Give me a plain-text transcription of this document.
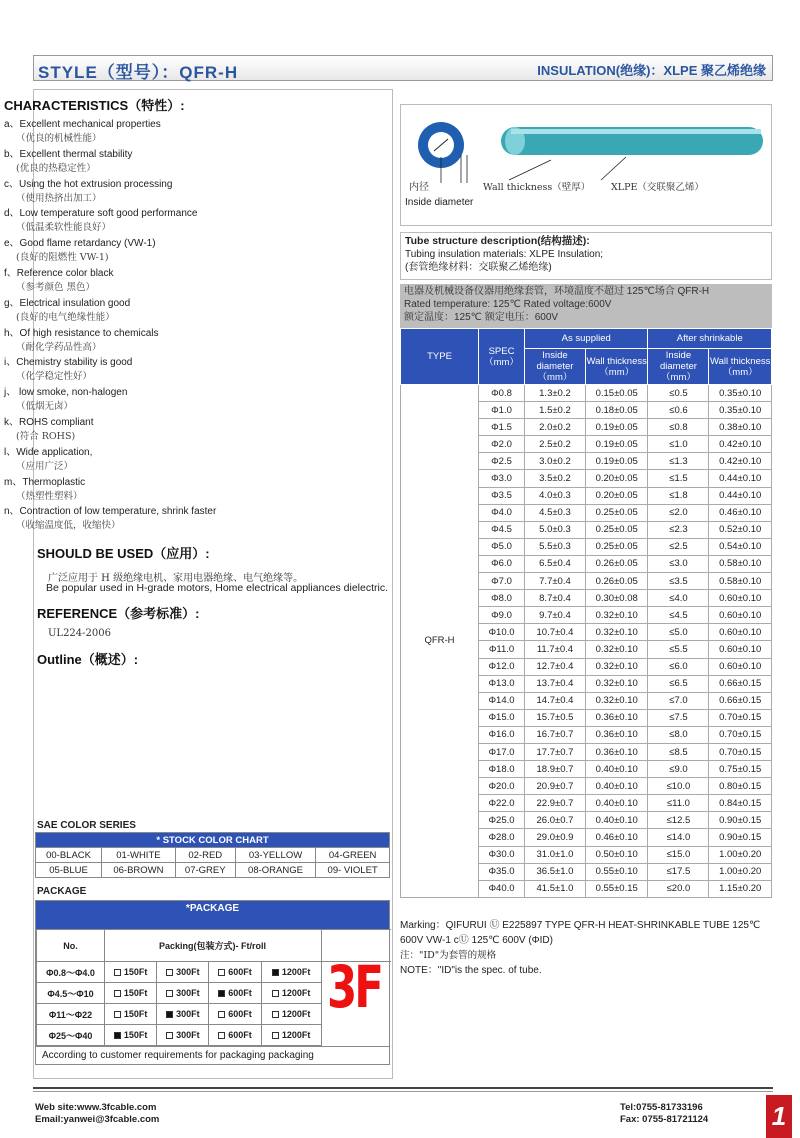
STYLE（型号）：QFR-H	INSULATION(绝缘)：XLPE 聚乙烯绝缘
CHARACTERISTICS（特性）:
a、Excellent mechanical properties
（优良的机械性能）
b、Excellent thermal stability
(优良的热稳定性）
c、Using the hot extrusion processing
（使用热挤出加工）
d、Low temperature soft good performance
（低温柔软性能良好）
e、Good flame retardancy (VW-1)
(良好的阻燃性 VW-1)
f、Reference color black
（参考颜色 黑色）
g、Electrical insulation good
(良好的电气绝缘性能）
h、Of high resistance to chemicals
（耐化学药品性高）
i、Chemistry stability is good
（化学稳定性好）
j、 low smoke, non-halogen
（低烟无卤）
k、ROHS compliant
(符合 ROHS)
l、Wide application,
（应用广泛）
m、Thermoplastic
（热塑性塑料）
n、Contraction of low temperature, shrink faster
（收缩温度低，收缩快）
SHOULD BE USED（应用）:
广泛应用于 H 级绝缘电机、家用电器绝缘、电气绝缘等。
Be popular used in H-grade motors, Home electrical appliances dielectric.
REFERENCE（参考标准）:
UL224-2006
Outline（概述）:
SAE COLOR SERIES
* STOCK COLOR CHART				
00-BLACK	01-WHITE	02-RED	03-YELLOW	04-GREEN
05-BLUE	06-BROWN	07-GREY	08-ORANGE	09- VIOLET
PACKAGE
*PACKAGE
No.	Packing(包装方式)- Ft/roll				
Φ0.8～Φ4.0	150Ft	300Ft	600Ft	1200Ft	
Φ4.5～Φ10	150Ft	300Ft	600Ft	1200Ft	
Φ11～Φ22	150Ft	300Ft	600Ft	1200Ft	
Φ25～Φ40	150Ft	300Ft	600Ft	1200Ft	
According to customer requirements for packaging packaging
3F
内径
Inside diameter
Wall thickness（壁厚） XLPE（交联聚乙烯）
Tube structure description(结构描述):
Tubing insulation materials: XLPE Insulation;
(套管绝缘材料：交联聚乙烯绝缘)
电器及机械设备仪器用绝缘套管，环境温度不超过 125℃场合 QFR-H
Rated temperature: 125℃ Rated voltage:600V
额定温度：125℃ 额定电压：600V
TYPE	SPEC（mm）	As supplied		After shrinkable	
		Inside diameter（mm）	Wall thickness（mm）	Inside diameter（mm）	Wall thickness（mm）
QFR-H	Φ0.8	1.3±0.2	0.15±0.05	≤0.5	0.35±0.10
	Φ1.0	1.5±0.2	0.18±0.05	≤0.6	0.35±0.10
	Φ1.5	2.0±0.2	0.19±0.05	≤0.8	0.38±0.10
	Φ2.0	2.5±0.2	0.19±0.05	≤1.0	0.42±0.10
	Φ2.5	3.0±0.2	0.19±0.05	≤1.3	0.42±0.10
	Φ3.0	3.5±0.2	0.20±0.05	≤1.5	0.44±0.10
	Φ3.5	4.0±0.3	0.20±0.05	≤1.8	0.44±0.10
	Φ4.0	4.5±0.3	0.25±0.05	≤2.0	0.46±0.10
	Φ4.5	5.0±0.3	0.25±0.05	≤2.3	0.52±0.10
	Φ5.0	5.5±0.3	0.25±0.05	≤2.5	0.54±0.10
	Φ6.0	6.5±0.4	0.26±0.05	≤3.0	0.58±0.10
	Φ7.0	7.7±0.4	0.26±0.05	≤3.5	0.58±0.10
	Φ8.0	8.7±0.4	0.30±0.08	≤4.0	0.60±0.10
	Φ9.0	9.7±0.4	0.32±0.10	≤4.5	0.60±0.10
	Φ10.0	10.7±0.4	0.32±0.10	≤5.0	0.60±0.10
	Φ11.0	11.7±0.4	0.32±0.10	≤5.5	0.60±0.10
	Φ12.0	12.7±0.4	0.32±0.10	≤6.0	0.60±0.10
	Φ13.0	13.7±0.4	0.32±0.10	≤6.5	0.66±0.15
	Φ14.0	14.7±0.4	0.32±0.10	≤7.0	0.66±0.15
	Φ15.0	15.7±0.5	0.36±0.10	≤7.5	0.70±0.15
	Φ16.0	16.7±0.7	0.36±0.10	≤8.0	0.70±0.15
	Φ17.0	17.7±0.7	0.36±0.10	≤8.5	0.70±0.15
	Φ18.0	18.9±0.7	0.40±0.10	≤9.0	0.75±0.15
	Φ20.0	20.9±0.7	0.40±0.10	≤10.0	0.80±0.15
	Φ22.0	22.9±0.7	0.40±0.10	≤11.0	0.84±0.15
	Φ25.0	26.0±0.7	0.40±0.10	≤12.5	0.90±0.15
	Φ28.0	29.0±0.9	0.46±0.10	≤14.0	0.90±0.15
	Φ30.0	31.0±1.0	0.50±0.10	≤15.0	1.00±0.20
	Φ35.0	36.5±1.0	0.55±0.10	≤17.5	1.00±0.20
	Φ40.0	41.5±1.0	0.55±0.15	≤20.0	1.15±0.20
Marking：QIFURUI Ⓤ E225897 TYPE QFR-H HEAT-SHRINKABLE TUBE 125℃
600V VW-1 cⓊ 125℃ 600V (ΦID)
注："ID"为套管的规格
NOTE："ID"is the spec. of tube.
Web site:www.3fcable.com
Email:yanwei@3fcable.com
Tel:0755-81733196
Fax: 0755-81721124 1
